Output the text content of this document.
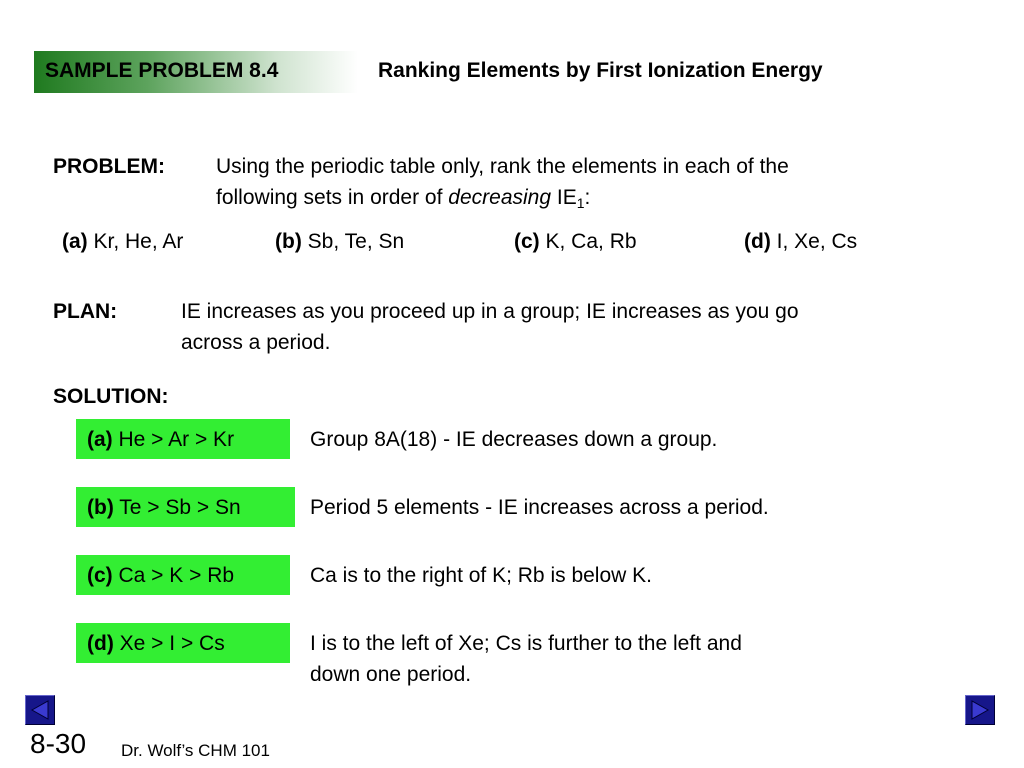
SAMPLE PROBLEM 8.4	Ranking Elements by First Ionization Energy
PROBLEM: Using the periodic table only, rank the elements in each of the
following sets in order of decreasing $IE_1$:
(a) Kr, He, Ar	(b) Sb, Te, Sn	(c) K, Ca, Rb	(d) I, Xe, Cs
PLAN:	IE increases as you proceed up in a group; IE increases as you go
across a period.
SOLUTION:
(a) He > Ar > Kr	Group 8A(18) - IE decreases down a group.
(b) Te > Sb > Sn	Period 5 elements - IE increases across a period.
(c) Ca > K > Rb	Ca is to the right of K; Rb is below K.
(d) Xe > I > Cs	I is to the left of Xe; Cs is further to the left and
down one period.
8-30 Dr. Wolf’s CHM 101
